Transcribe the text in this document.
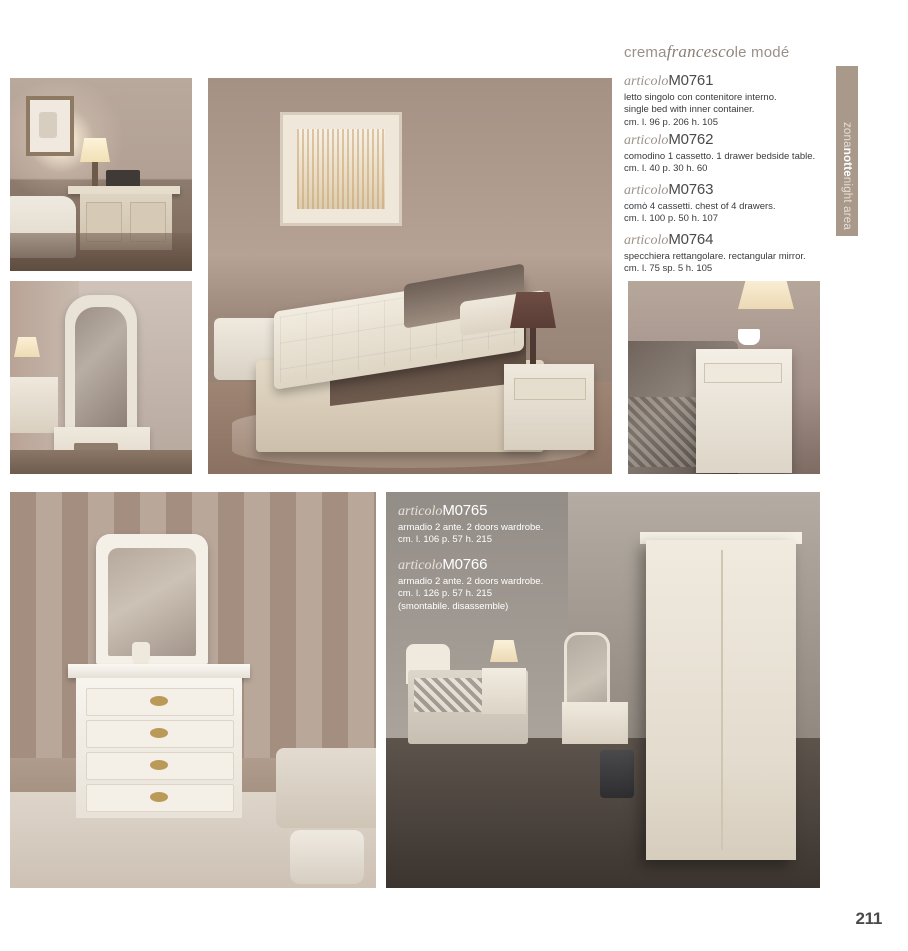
cremafrancescole modé
zonanottenight area
articoloM0761
letto singolo con contenitore interno.
single bed with inner container.
cm. l. 96 p. 206 h. 105
articoloM0762
comodino 1 cassetto. 1 drawer bedside table.
cm. l. 40 p. 30 h. 60
articoloM0763
comò 4 cassetti. chest of 4 drawers.
cm. l. 100 p. 50 h. 107
articoloM0764
specchiera rettangolare. rectangular mirror.
cm. l. 75 sp. 5 h. 105
articoloM0765
armadio 2 ante. 2 doors wardrobe.
cm. l. 106 p. 57 h. 215
articoloM0766
armadio 2 ante. 2 doors wardrobe.
cm. l. 126 p. 57 h. 215
(smontabile. disassemble)
211
